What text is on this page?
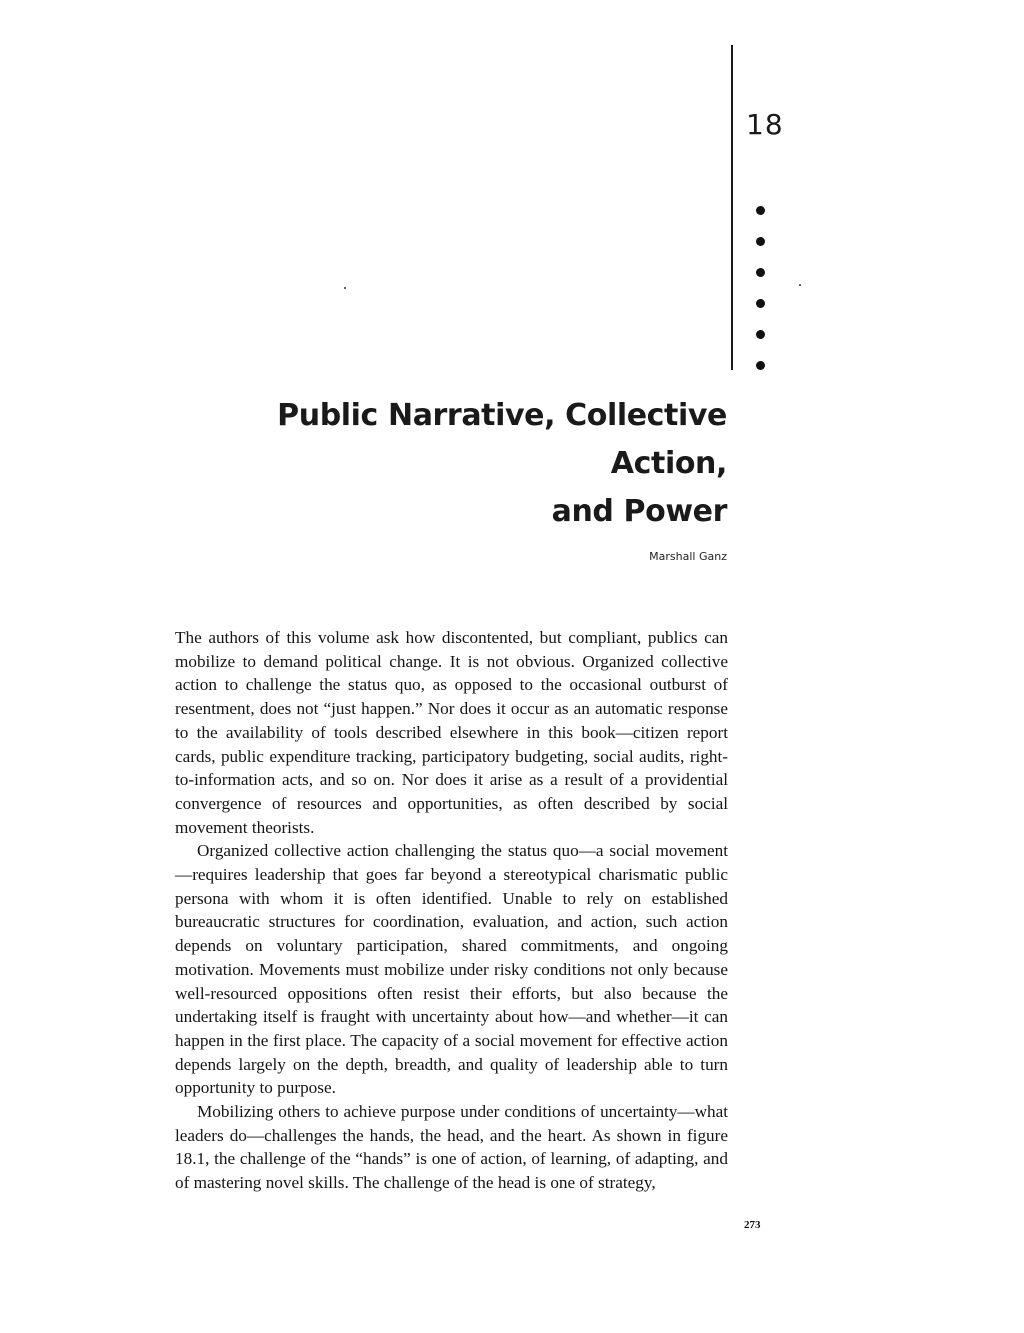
18
Public Narrative, Collective Action,
and Power
Marshall Ganz

The authors of this volume ask how discontented, but compliant, publics can mobilize to demand political change. It is not obvious. Organized collective action to challenge the status quo, as opposed to the occasional outburst of resentment, does not “just happen.” Nor does it occur as an automatic response to the availability of tools described elsewhere in this book—citizen report cards, public expenditure tracking, participatory budgeting, social audits, right-to-information acts, and so on. Nor does it arise as a result of a providential convergence of resources and opportunities, as often described by social movement theorists.

Organized collective action challenging the status quo—a social movement—requires leadership that goes far beyond a stereotypical charismatic public persona with whom it is often identified. Unable to rely on established bureaucratic structures for coordination, evaluation, and action, such action depends on voluntary participation, shared commitments, and ongoing motivation. Movements must mobilize under risky conditions not only because well-resourced oppositions often resist their efforts, but also because the undertaking itself is fraught with uncertainty about how—and whether—it can happen in the first place. The capacity of a social movement for effective action depends largely on the depth, breadth, and quality of leadership able to turn opportunity to purpose.

Mobilizing others to achieve purpose under conditions of uncertainty—what leaders do—challenges the hands, the head, and the heart. As shown in figure 18.1, the challenge of the “hands” is one of action, of learning, of adapting, and of mastering novel skills. The challenge of the head is one of strategy,

273
